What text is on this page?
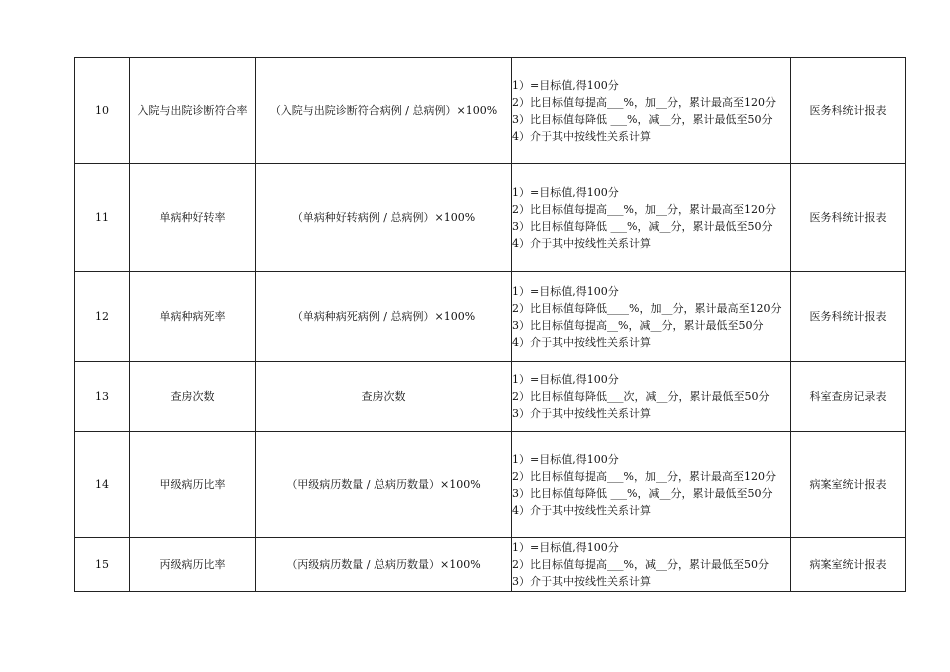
10	入院与出院诊断符合率	（入院与出院诊断符合病例 / 总病例）×100%	1）=目标值,得100分
2）比目标值每提高___%，加__分，累计最高至120分
3）比目标值每降低 ___%，减__分，累计最低至50分
4）介于其中按线性关系计算	医务科统计报表
11	单病种好转率	（单病种好转病例 / 总病例）×100%	1）=目标值,得100分
2）比目标值每提高___%，加__分，累计最高至120分
3）比目标值每降低 ___%，减__分，累计最低至50分
4）介于其中按线性关系计算	医务科统计报表
12	单病种病死率	（单病种病死病例 / 总病例）×100%	1）=目标值,得100分
2）比目标值每降低____%，加__分，累计最高至120分
3）比目标值每提高__%，减__分，累计最低至50分
4）介于其中按线性关系计算	医务科统计报表
13	查房次数	查房次数	1）=目标值,得100分
2）比目标值每降低___次，减__分，累计最低至50分
3）介于其中按线性关系计算	科室查房记录表
14	甲级病历比率	（甲级病历数量 / 总病历数量）×100%	1）=目标值,得100分
2）比目标值每提高___%，加__分，累计最高至120分
3）比目标值每降低 ___%，减__分，累计最低至50分
4）介于其中按线性关系计算	病案室统计报表
15	丙级病历比率	（丙级病历数量 / 总病历数量）×100%	1）=目标值,得100分
2）比目标值每提高___%，减__分，累计最低至50分
3）介于其中按线性关系计算	病案室统计报表
